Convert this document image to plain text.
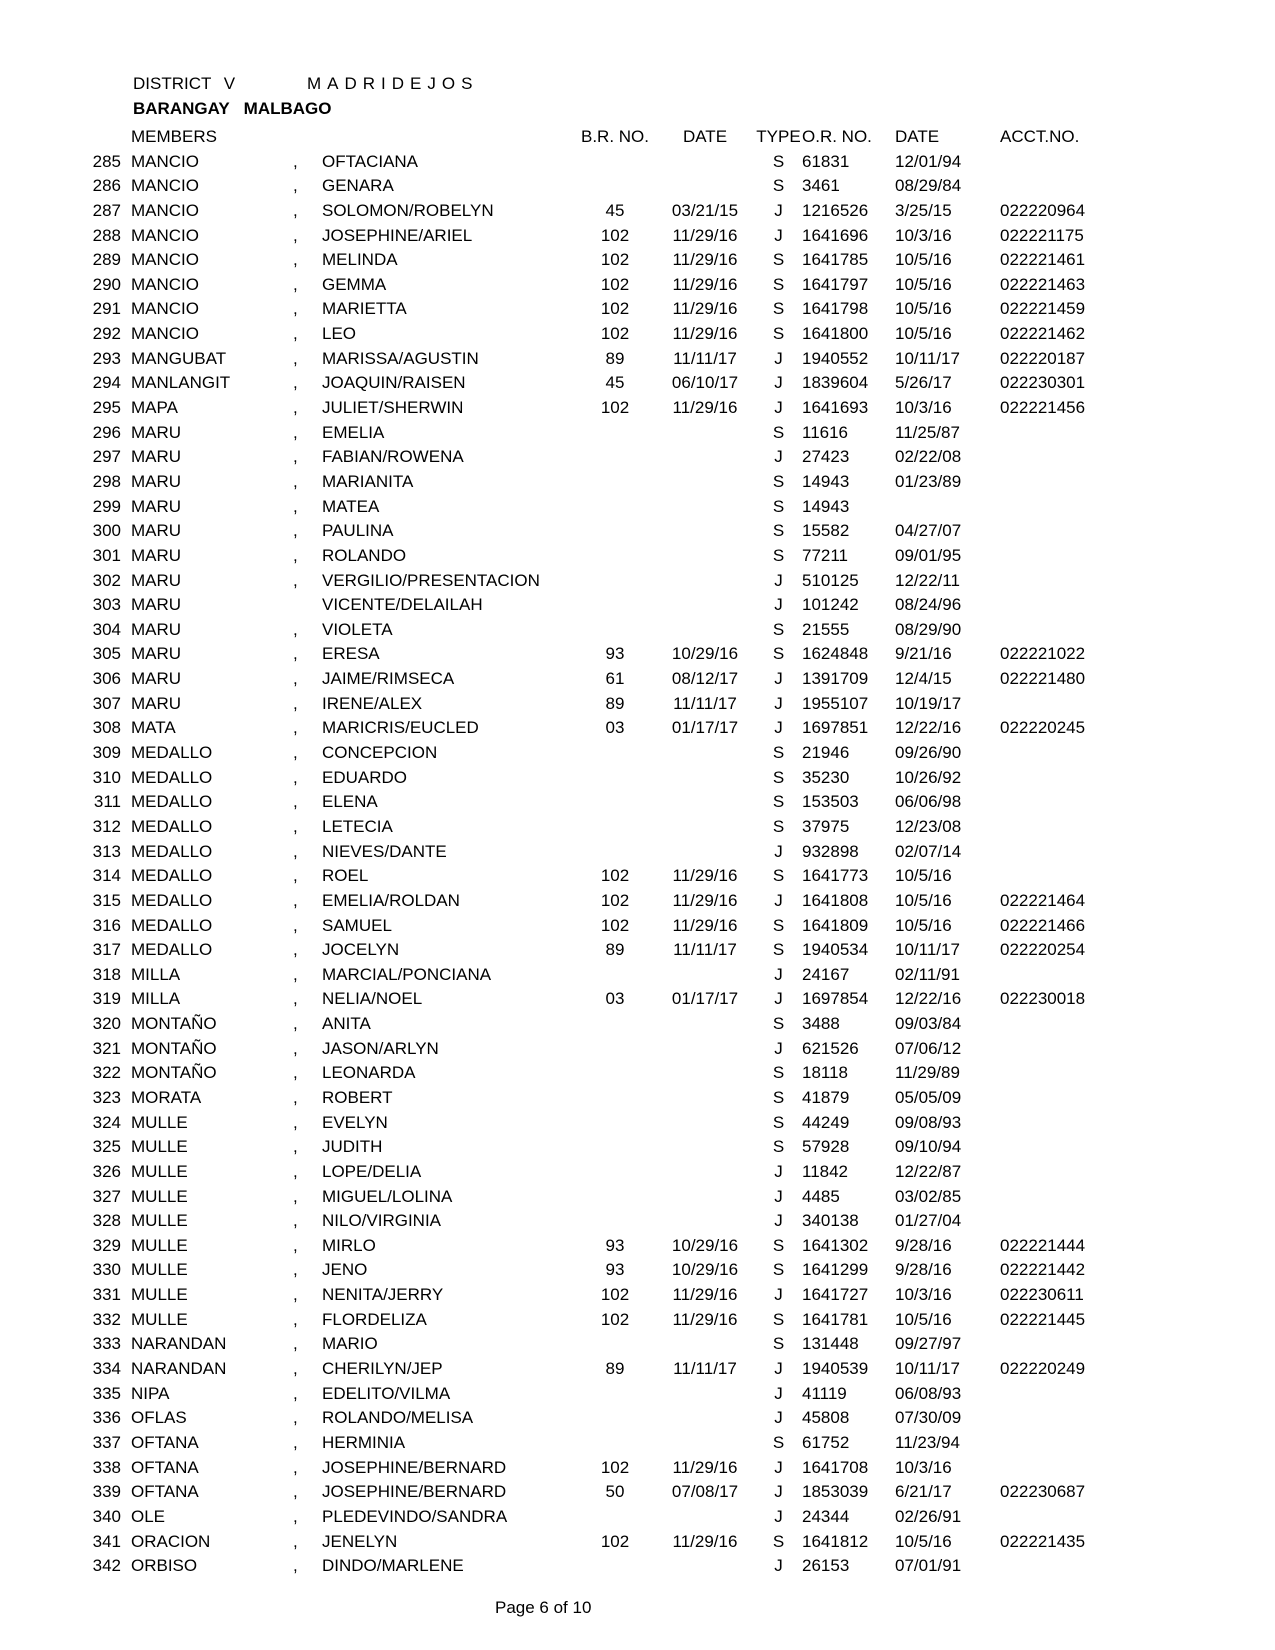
DISTRICT V	MADRIDEJOS
BARANGAY MALBAGO
MEMBERS	B.R. NO.	DATE	TYPE O.R. NO.	DATE	ACCT.NO.
285 MANCIO	,	OFTACIANA	S	61831	12/01/94
286 MANCIO	,	GENARA	S	3461	08/29/84
287 MANCIO	,	SOLOMON/ROBELYN	45	03/21/15	J	1216526	3/25/15	022220964
288 MANCIO	,	JOSEPHINE/ARIEL	102	11/29/16	J	1641696	10/3/16	022221175
289 MANCIO	,	MELINDA	102	11/29/16	S	1641785	10/5/16	022221461
290 MANCIO	,	GEMMA	102	11/29/16	S	1641797	10/5/16	022221463
291 MANCIO	,	MARIETTA	102	11/29/16	S	1641798	10/5/16	022221459
292 MANCIO	,	LEO	102	11/29/16	S	1641800	10/5/16	022221462
293 MANGUBAT	,	MARISSA/AGUSTIN	89	11/11/17	J	1940552	10/11/17	022220187
294 MANLANGIT	,	JOAQUIN/RAISEN	45	06/10/17	J	1839604	5/26/17	022230301
295 MAPA	,	JULIET/SHERWIN	102	11/29/16	J	1641693	10/3/16	022221456
296 MARU	,	EMELIA	S	11616	11/25/87
297 MARU	,	FABIAN/ROWENA	J	27423	02/22/08
298 MARU	,	MARIANITA	S	14943	01/23/89
299 MARU	,	MATEA	S	14943
300 MARU	,	PAULINA	S	15582	04/27/07
301 MARU	,	ROLANDO	S	77211	09/01/95
302 MARU	,	VERGILIO/PRESENTACION	J	510125	12/22/11
303 MARU	VICENTE/DELAILAH	J	101242	08/24/96
304 MARU	,	VIOLETA	S	21555	08/29/90
305 MARU	,	ERESA	93	10/29/16	S	1624848	9/21/16	022221022
306 MARU	,	JAIME/RIMSECA	61	08/12/17	J	1391709	12/4/15	022221480
307 MARU	,	IRENE/ALEX	89	11/11/17	J	1955107	10/19/17
308 MATA	,	MARICRIS/EUCLED	03	01/17/17	J	1697851	12/22/16	022220245
309 MEDALLO	,	CONCEPCION	S	21946	09/26/90
310 MEDALLO	,	EDUARDO	S	35230	10/26/92
311 MEDALLO	,	ELENA	S	153503	06/06/98
312 MEDALLO	,	LETECIA	S	37975	12/23/08
313 MEDALLO	,	NIEVES/DANTE	J	932898	02/07/14
314 MEDALLO	,	ROEL	102	11/29/16	S	1641773	10/5/16
315 MEDALLO	,	EMELIA/ROLDAN	102	11/29/16	J	1641808	10/5/16	022221464
316 MEDALLO	,	SAMUEL	102	11/29/16	S	1641809	10/5/16	022221466
317 MEDALLO	,	JOCELYN	89	11/11/17	S	1940534	10/11/17	022220254
318 MILLA	,	MARCIAL/PONCIANA	J	24167	02/11/91
319 MILLA	,	NELIA/NOEL	03	01/17/17	J	1697854	12/22/16	022230018
320 MONTAÑO	,	ANITA	S	3488	09/03/84
321 MONTAÑO	,	JASON/ARLYN	J	621526	07/06/12
322 MONTAÑO	,	LEONARDA	S	18118	11/29/89
323 MORATA	,	ROBERT	S	41879	05/05/09
324 MULLE	,	EVELYN	S	44249	09/08/93
325 MULLE	,	JUDITH	S	57928	09/10/94
326 MULLE	,	LOPE/DELIA	J	11842	12/22/87
327 MULLE	,	MIGUEL/LOLINA	J	4485	03/02/85
328 MULLE	,	NILO/VIRGINIA	J	340138	01/27/04
329 MULLE	,	MIRLO	93	10/29/16	S	1641302	9/28/16	022221444
330 MULLE	,	JENO	93	10/29/16	S	1641299	9/28/16	022221442
331 MULLE	,	NENITA/JERRY	102	11/29/16	J	1641727	10/3/16	022230611
332 MULLE	,	FLORDELIZA	102	11/29/16	S	1641781	10/5/16	022221445
333 NARANDAN	,	MARIO	S	131448	09/27/97
334 NARANDAN	,	CHERILYN/JEP	89	11/11/17	J	1940539	10/11/17	022220249
335 NIPA	,	EDELITO/VILMA	J	41119	06/08/93
336 OFLAS	,	ROLANDO/MELISA	J	45808	07/30/09
337 OFTANA	,	HERMINIA	S	61752	11/23/94
338 OFTANA	,	JOSEPHINE/BERNARD	102	11/29/16	J	1641708	10/3/16
339 OFTANA	,	JOSEPHINE/BERNARD	50	07/08/17	J	1853039	6/21/17	022230687
340 OLE	,	PLEDEVINDO/SANDRA	J	24344	02/26/91
341 ORACION	,	JENELYN	102	11/29/16	S	1641812	10/5/16	022221435
342 ORBISO	,	DINDO/MARLENE	J	26153	07/01/91
Page 6 of 10
